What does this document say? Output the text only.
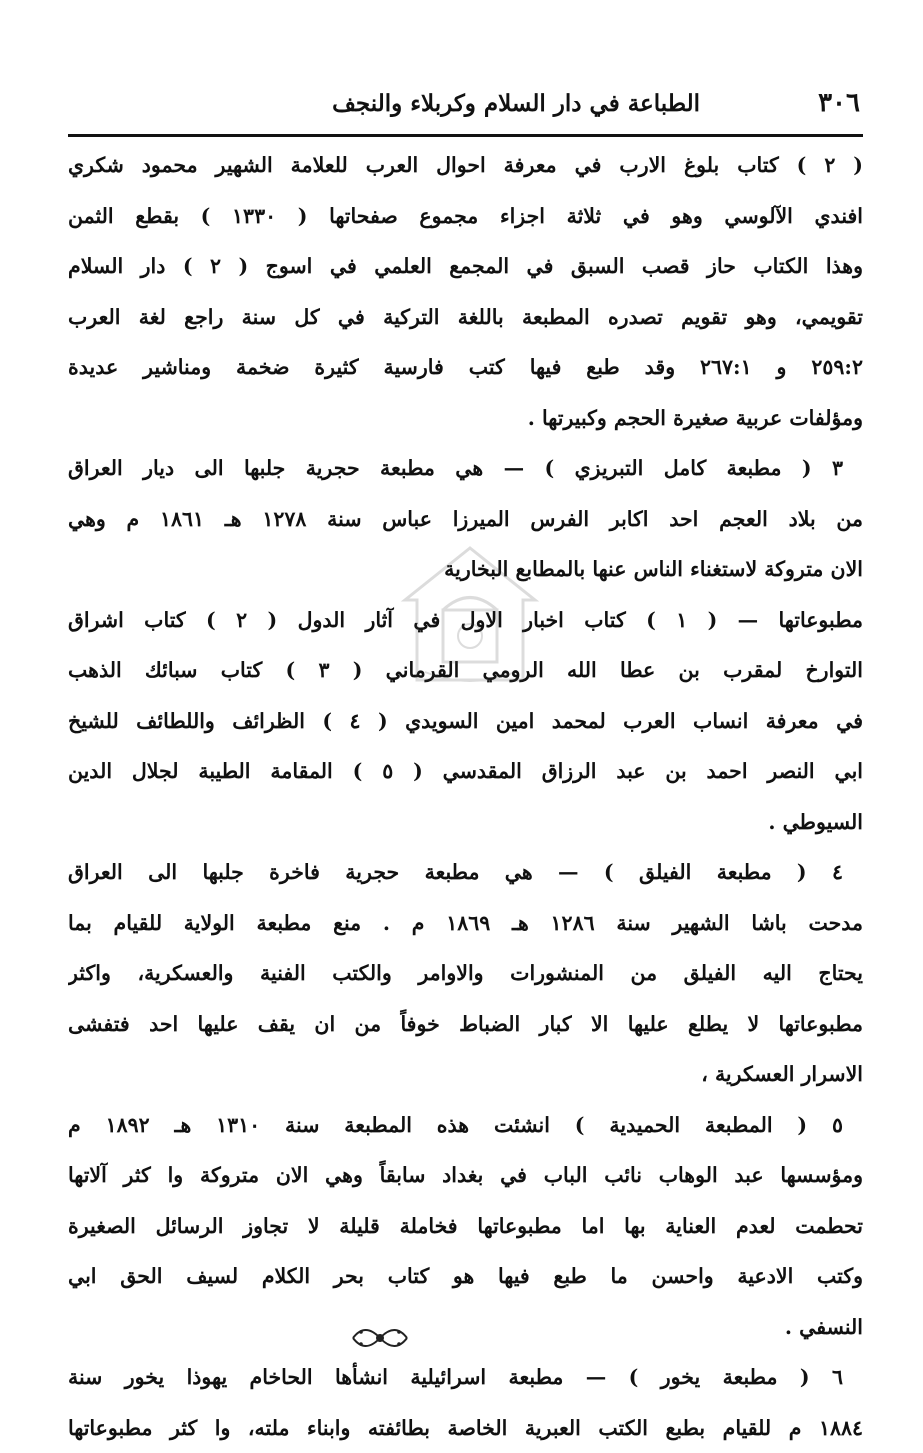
٣٠٦
الطباعة في دار السلام وكربلاء والنجف
( ٢ ) كتاب بلوغ الارب في معرفة احوال العرب للعلامة الشهير محمود شكري
افندي الآلوسي وهو في ثلاثة اجزاء مجموع صفحاتها ( ١٣٣٠ ) بقطع الثمن
وهذا الكتاب حاز قصب السبق في المجمع العلمي في اسوج ( ٢ ) دار السلام
تقويمي، وهو تقويم تصدره المطبعة باللغة التركية في كل سنة راجع لغة العرب
٢٥٩:٢ و ٢٦٧:١ وقد طبع فيها كتب فارسية كثيرة ضخمة ومناشير عديدة
ومؤلفات عربية صغيرة الحجم وكبيرتها .
٣ ( مطبعة كامل التبريزي ) — هي مطبعة حجرية جلبها الى ديار العراق
من بلاد العجم احد اكابر الفرس الميرزا عباس سنة ١٢٧٨ هـ ١٨٦١ م وهي
الان متروكة لاستغناء الناس عنها بالمطابع البخارية
مطبوعاتها — ( ١ ) كتاب اخبار الاول في آثار الدول ( ٢ ) كتاب اشراق
التوارخ لمقرب بن عطا الله الرومي القرماني ( ٣ ) كتاب سبائك الذهب
في معرفة انساب العرب لمحمد امين السويدي ( ٤ ) الظرائف واللطائف للشيخ
ابي النصر احمد بن عبد الرزاق المقدسي ( ٥ ) المقامة الطيبة لجلال الدين
السيوطي .
٤ ( مطبعة الفيلق ) — هي مطبعة حجرية فاخرة جلبها الى العراق
مدحت باشا الشهير سنة ١٢٨٦ هـ ١٨٦٩ م . منع مطبعة الولاية للقيام بما
يحتاج اليه الفيلق من المنشورات والاوامر والكتب الفنية والعسكرية، واكثر
مطبوعاتها لا يطلع عليها الا كبار الضباط خوفاً من ان يقف عليها احد فتفشى
الاسرار العسكرية ،
٥ ( المطبعة الحميدية ) انشئت هذه المطبعة سنة ١٣١٠ هـ ١٨٩٢ م
ومؤسسها عبد الوهاب نائب الباب في بغداد سابقاً وهي الان متروكة وا كثر آلاتها
تحطمت لعدم العناية بها اما مطبوعاتها فخاملة قليلة لا تجاوز الرسائل الصغيرة
وكتب الادعية واحسن ما طبع فيها هو كتاب بحر الكلام لسيف الحق ابي
النسفي .
٦ ( مطبعة يخور ) — مطبعة اسرائيلية انشأها الحاخام يهوذا يخور سنة
١٨٨٤ م للقيام بطبع الكتب العبرية الخاصة بطائفته وابناء ملته، وا كثر مطبوعاتها
